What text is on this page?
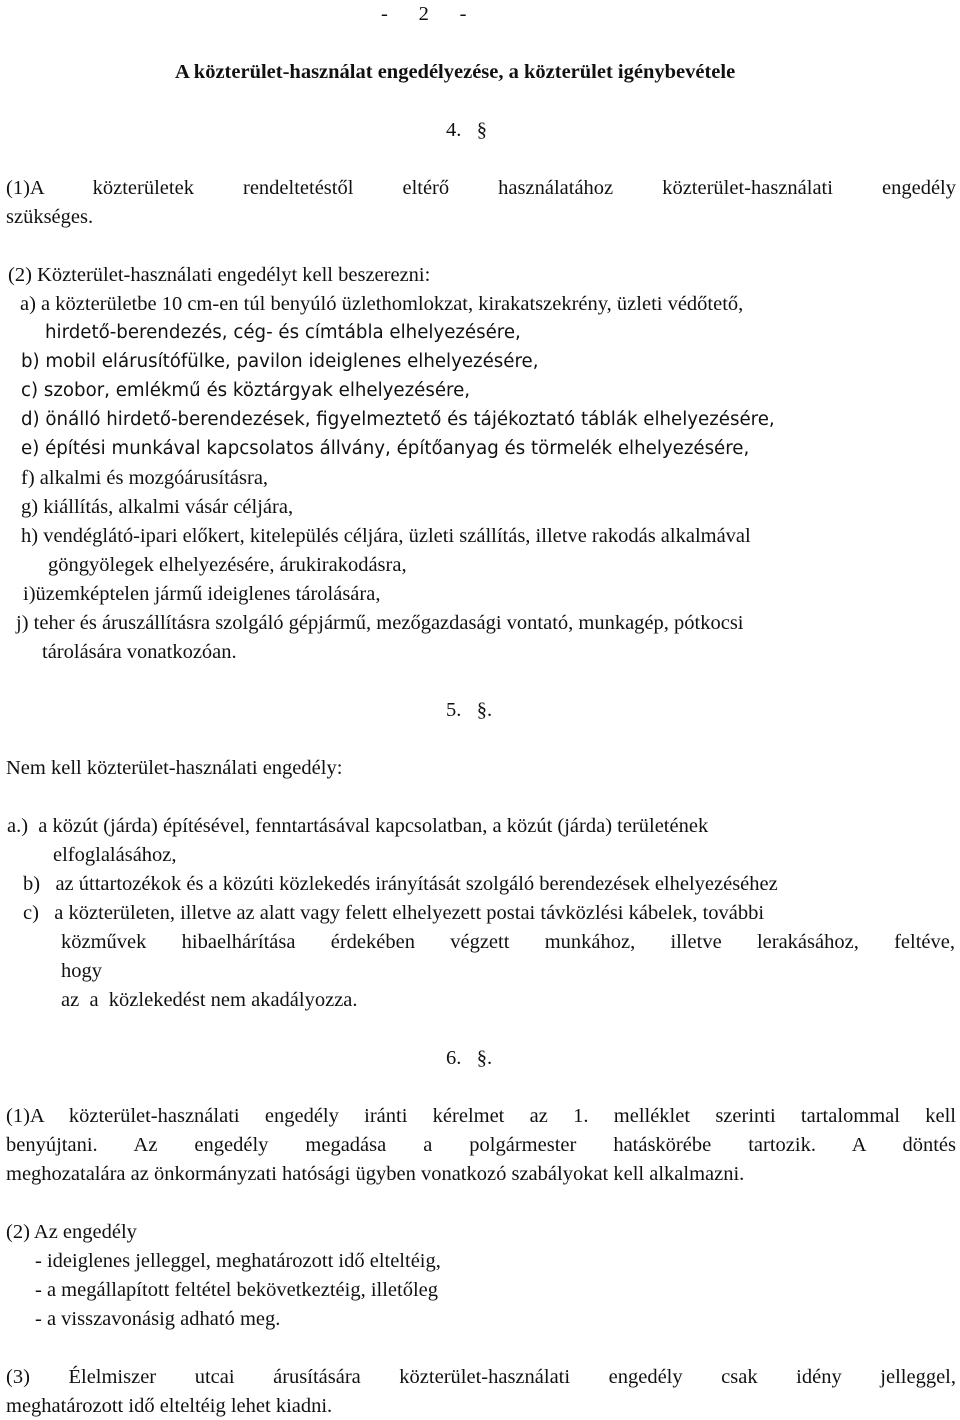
-      2      -
A közterület-használat engedélyezése, a közterület igénybevétele
4.   §
(1)A közterületek rendeltetéstől eltérő használatához közterület-használati engedély
szükséges.
(2) Közterület-használati engedélyt kell beszerezni:
a) a közterületbe 10 cm-en túl benyúló üzlethomlokzat, kirakatszekrény, üzleti védőtető,
hirdető-berendezés, cég- és címtábla elhelyezésére,
b) mobil elárusítófülke, pavilon ideiglenes elhelyezésére,
c) szobor, emlékmű és köztárgyak elhelyezésére,
d) önálló hirdető-berendezések, figyelmeztető és tájékoztató táblák elhelyezésére,
e) építési munkával kapcsolatos állvány, építőanyag és törmelék elhelyezésére,
f) alkalmi és mozgóárusításra,
g) kiállítás, alkalmi vásár céljára,
h) vendéglátó-ipari előkert, kitelepülés céljára, üzleti szállítás, illetve rakodás alkalmával
göngyölegek elhelyezésére, árukirakodásra,
i)üzemképtelen jármű ideiglenes tárolására,
j) teher és áruszállításra szolgáló gépjármű, mezőgazdasági vontató, munkagép, pótkocsi
tárolására vonatkozóan.
5.   §.
Nem kell közterület-használati engedély:
a.)  a közút (járda) építésével, fenntartásával kapcsolatban, a közút (járda) területének
elfoglalásához,
b)   az úttartozékok és a közúti közlekedés irányítását szolgáló berendezések elhelyezéséhez
c)   a közterületen, illetve az alatt vagy felett elhelyezett postai távközlési kábelek, további
közművek hibaelhárítása érdekében végzett munkához, illetve lerakásához, feltéve,
hogy
az  a  közlekedést nem akadályozza.
6.   §.
(1)A közterület-használati engedély iránti kérelmet az 1. melléklet szerinti tartalommal kell
benyújtani. Az engedély megadása a polgármester hatáskörébe tartozik. A döntés
meghozatalára az önkormányzati hatósági ügyben vonatkozó szabályokat kell alkalmazni.
(2) Az engedély
- ideiglenes jelleggel, meghatározott idő elteltéig,
- a megállapított feltétel bekövetkeztéig, illetőleg
- a visszavonásig adható meg.
(3) Élelmiszer utcai árusítására közterület-használati engedély csak idény jelleggel,
meghatározott idő elteltéig lehet kiadni.
